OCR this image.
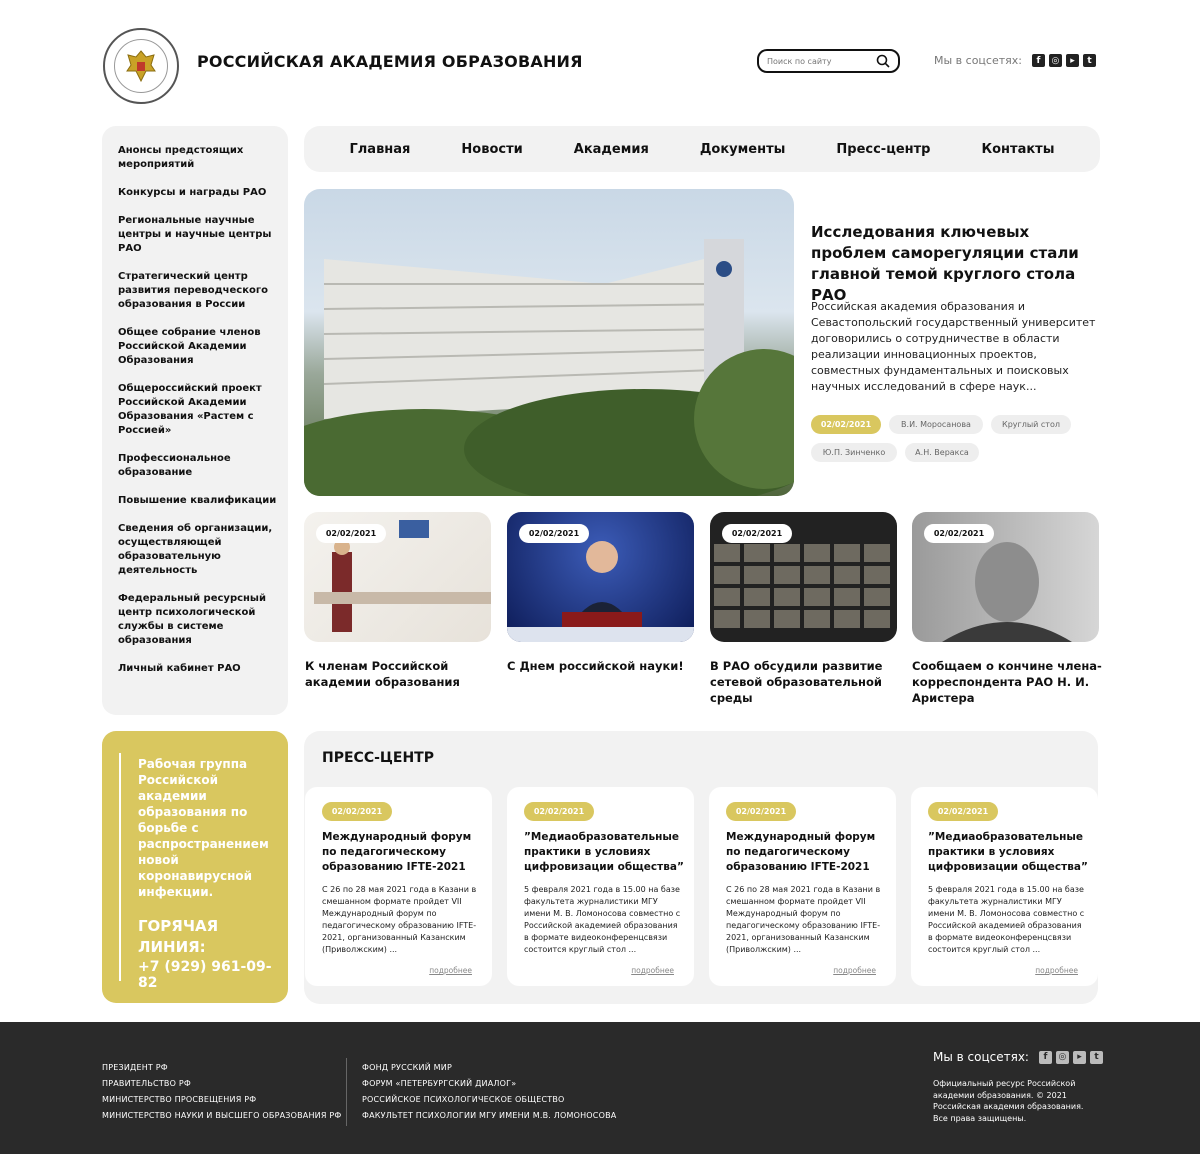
РОССИЙСКАЯ АКАДЕМИЯ ОБРАЗОВАНИЯ
Поиск по сайту	Мы в соцсетях:	f	◎	▸	t
Анонсы предстоящих мероприятий
Конкурсы и награды РАО
Региональные научные центры и научные центры РАО
Стратегический центр развития переводческого образования в России
Общее собрание членов Российской Академии Образования
Общероссийский проект Российской Академии Образования «Растем с Россией»
Профессиональное образование
Повышение квалификации
Сведения об организации, осуществляющей образовательную деятельность
Федеральный ресурсный центр психологической службы в системе образования
Личный кабинет РАО
Рабочая группа Российской академии образования по борьбе с распространением новой коронавирусной инфекции.
ГОРЯЧАЯ ЛИНИЯ:
+7 (929) 961-09-82
Главная	Новости	Академия	Документы	Пресс-центр	Контакты
Исследования ключевых проблем саморегуляции стали главной темой круглого стола РАО
Российская академия образования и Севастопольский государственный университет договорились о сотрудничестве в области реализации инновационных проектов, совместных фундаментальных и поисковых научных исследований в сфере наук...
02/02/2021	В.И. Моросанова	Круглый стол
Ю.П. Зинченко	А.Н. Веракса
02/02/2021	02/02/2021	02/02/2021	02/02/2021
К членам Российской академии образования
С Днем российской науки!	В РАО обсудили развитие сетевой образовательной среды
Сообщаем о кончине члена-корреспондента РАО Н. И. Аристера
ПРЕСС-ЦЕНТР
02/02/2021
Международный форум по педагогическому образованию IFTE-2021
С 26 по 28 мая 2021 года в Казани в смешанном формате пройдет VII Международный форум по педагогическому образованию IFTE-2021, организованный Казанским (Приволжским) ...
подробнее
02/02/2021
”Медиаобразовательные практики в условиях цифровизации общества”
5 февраля 2021 года в 15.00 на базе факультета журналистики МГУ имени М. В. Ломоносова совместно с Российской академией образования в формате видеоконференцсвязи состоится круглый стол ...
подробнее
02/02/2021
Международный форум по педагогическому образованию IFTE-2021
С 26 по 28 мая 2021 года в Казани в смешанном формате пройдет VII Международный форум по педагогическому образованию IFTE-2021, организованный Казанским (Приволжским) ...
подробнее
02/02/2021
”Медиаобразовательные практики в условиях цифровизации общества”
5 февраля 2021 года в 15.00 на базе факультета журналистики МГУ имени М. В. Ломоносова совместно с Российской академией образования в формате видеоконференцсвязи состоится круглый стол ...
подробнее
ПРЕЗИДЕНТ РФ
ПРАВИТЕЛЬСТВО РФ
МИНИСТЕРСТВО ПРОСВЕЩЕНИЯ РФ
МИНИСТЕРСТВО НАУКИ И ВЫСШЕГО ОБРАЗОВАНИЯ РФ
ФОНД РУССКИЙ МИР
ФОРУМ «ПЕТЕРБУРГСКИЙ ДИАЛОГ»
РОССИЙСКОЕ ПСИХОЛОГИЧЕСКОЕ ОБЩЕСТВО
ФАКУЛЬТЕТ ПСИХОЛОГИИ МГУ ИМЕНИ М.В. ЛОМОНОСОВА
Мы в соцсетях:	f	◎	▸	t
Официальный ресурс Российской академии образования. © 2021 Российская академия образования. Все права защищены.
